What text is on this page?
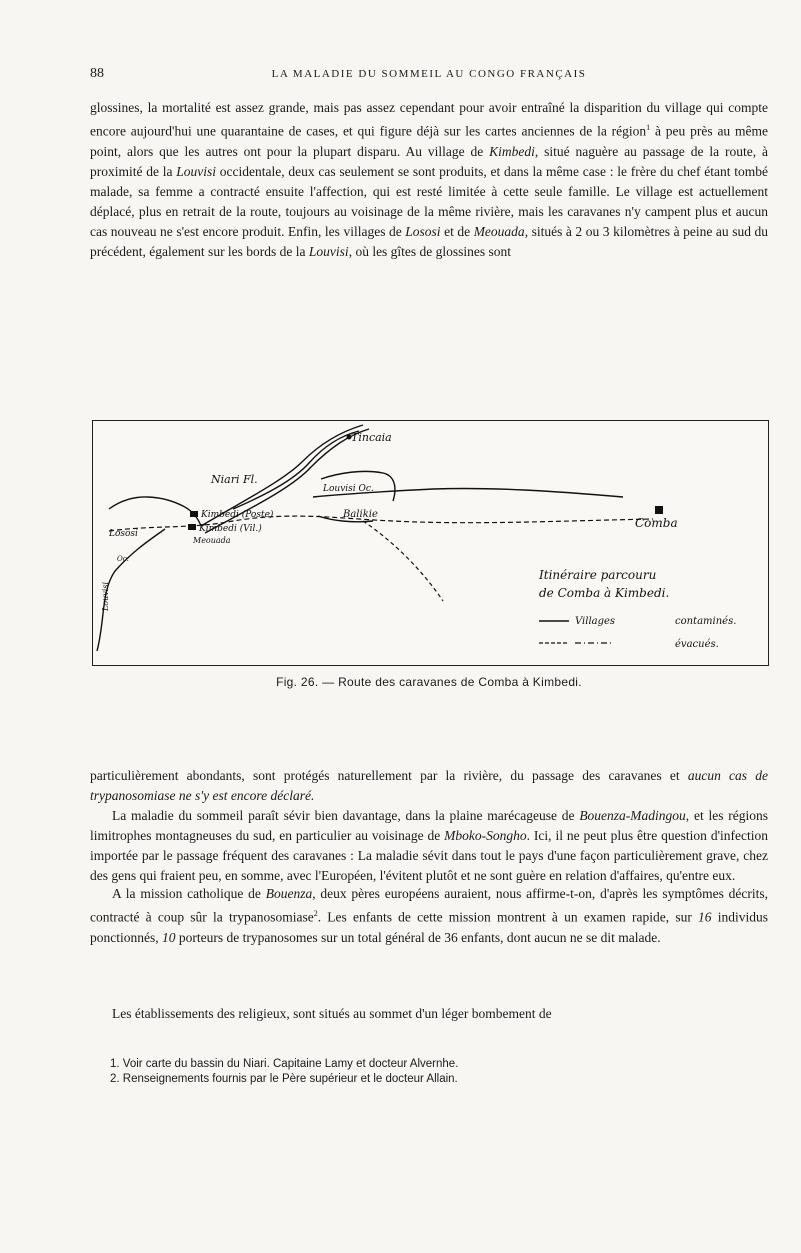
88	LA MALADIE DU SOMMEIL AU CONGO FRANÇAIS

glossines, la mortalité est assez grande, mais pas assez cependant pour avoir entraîné la disparition du village qui compte encore aujourd'hui une quarantaine de cases, et qui figure déjà sur les cartes anciennes de la région$^1$ à peu près au même point, alors que les autres ont pour la plupart disparu. Au village de Kimbedi, situé naguère au passage de la route, à proximité de la Louvisi occidentale, deux cas seulement se sont produits, et dans la même case : le frère du chef étant tombé malade, sa femme a contracté ensuite l'affection, qui est resté limitée à cette seule famille. Le village est actuellement déplacé, plus en retrait de la route, toujours au voisinage de la même rivière, mais les caravanes n'y campent plus et aucun cas nouveau ne s'est encore produit. Enfin, les villages de Lososi et de Meouada, situés à 2 ou 3 kilomètres à peine au sud du précédent, également sur les bords de la Louvisi, où les gîtes de glossines sont

Tincaia
Niari Fl.
Louvisi Oc.
Balikie
Comba
Kimbedi (Poste)
Kimbedi (Vil.)
Meouada
Lososi
Oc.
Louvisi
Itinéraire parcouru
de Comba à Kimbedi.
Villages	contaminés.
évacués.
Fig. 26. — Route des caravanes de Comba à Kimbedi.

particulièrement abondants, sont protégés naturellement par la rivière, du passage des caravanes et aucun cas de trypanosomiase ne s'y est encore déclaré.

La maladie du sommeil paraît sévir bien davantage, dans la plaine marécageuse de Bouenza-Madingou, et les régions limitrophes montagneuses du sud, en particulier au voisinage de Mboko-Songho. Ici, il ne peut plus être question d'infection importée par le passage fréquent des caravanes : La maladie sévit dans tout le pays d'une façon particulièrement grave, chez des gens qui fraient peu, en somme, avec l'Européen, l'évitent plutôt et ne sont guère en relation d'affaires, qu'entre eux.

A la mission catholique de Bouenza, deux pères européens auraient, nous affirme-t-on, d'après les symptômes décrits, contracté à coup sûr la trypanosomiase$^2$. Les enfants de cette mission montrent à un examen rapide, sur 16 individus ponctionnés, 10 porteurs de trypanosomes sur un total général de 36 enfants, dont aucun ne se dit malade.

Les établissements des religieux, sont situés au sommet d'un léger bombement de

1. Voir carte du bassin du Niari. Capitaine Lamy et docteur Alvernhe.

2. Renseignements fournis par le Père supérieur et le docteur Allain.
